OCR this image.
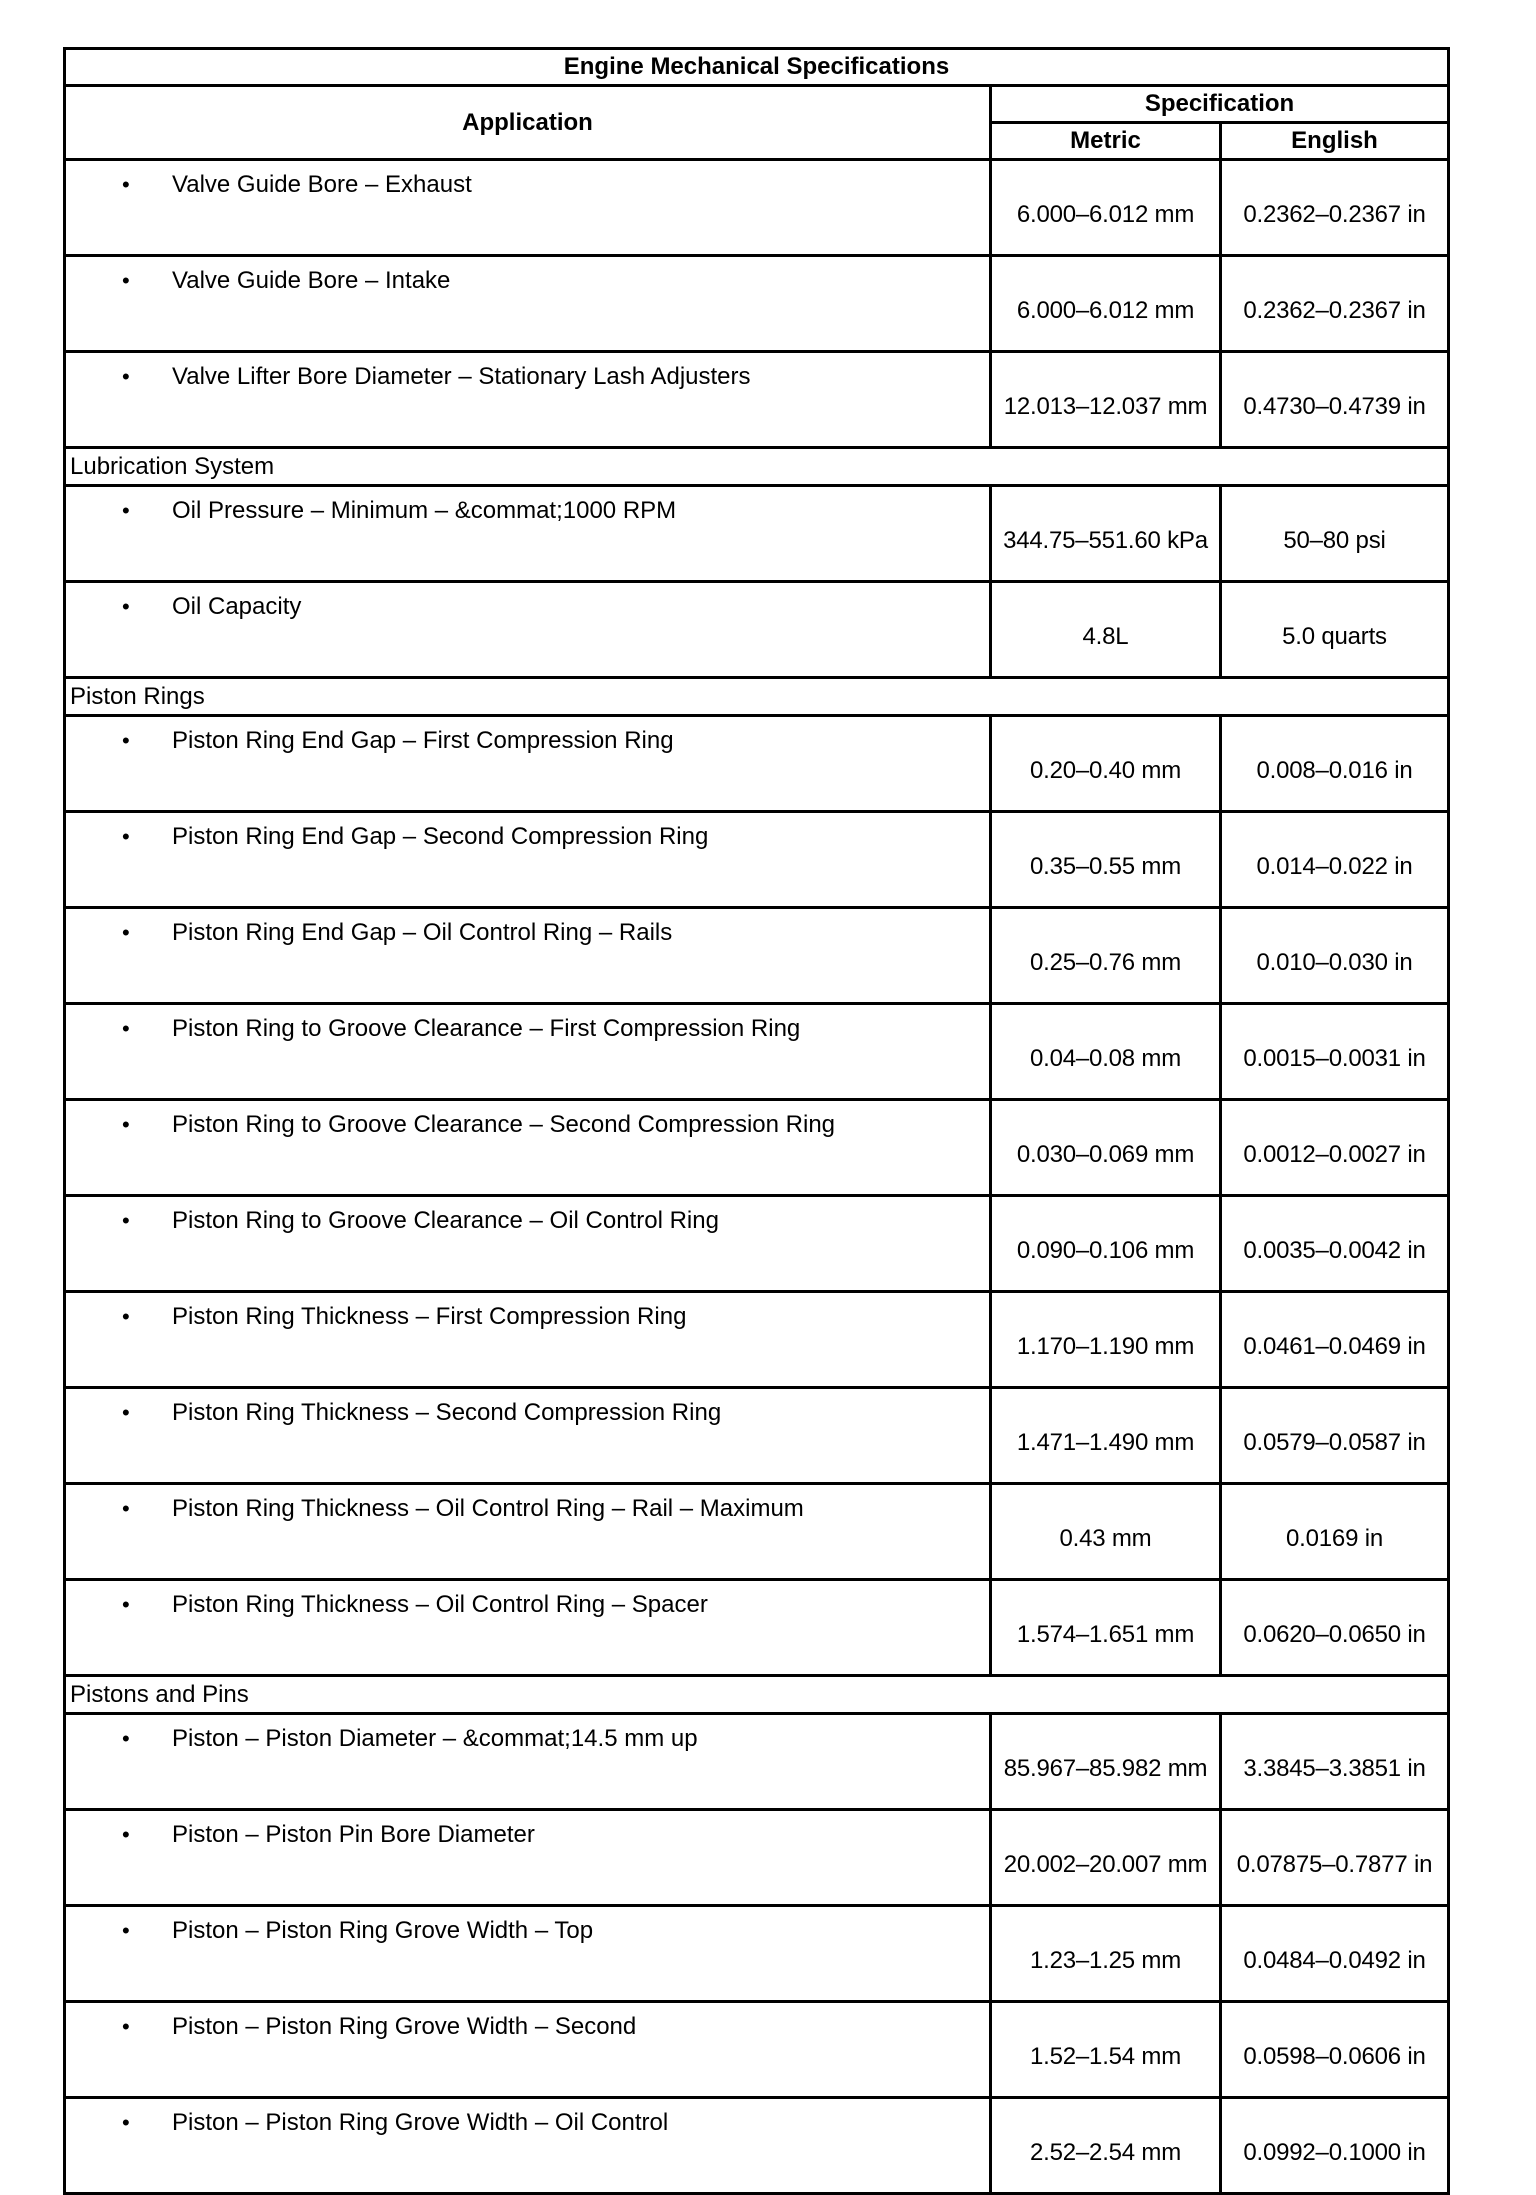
Engine Mechanical Specifications		
Application	Specification	
	Metric	English

• Valve Guide Bore – Exhaust	6.000–6.012 mm	0.2362–0.2367 in

• Valve Guide Bore – Intake	6.000–6.012 mm	0.2362–0.2367 in

• Valve Lifter Bore Diameter – Stationary Lash Adjusters	12.013–12.037 mm	0.4730–0.4739 in
Lubrication System		

• Oil Pressure – Minimum – &commat;1000 RPM	344.75–551.60 kPa	50–80 psi

• Oil Capacity	4.8L	5.0 quarts
Piston Rings		

• Piston Ring End Gap – First Compression Ring	0.20–0.40 mm	0.008–0.016 in

• Piston Ring End Gap – Second Compression Ring	0.35–0.55 mm	0.014–0.022 in

• Piston Ring End Gap – Oil Control Ring – Rails	0.25–0.76 mm	0.010–0.030 in

• Piston Ring to Groove Clearance – First Compression Ring	0.04–0.08 mm	0.0015–0.0031 in

• Piston Ring to Groove Clearance – Second Compression Ring	0.030–0.069 mm	0.0012–0.0027 in

• Piston Ring to Groove Clearance – Oil Control Ring	0.090–0.106 mm	0.0035–0.0042 in

• Piston Ring Thickness – First Compression Ring	1.170–1.190 mm	0.0461–0.0469 in

• Piston Ring Thickness – Second Compression Ring	1.471–1.490 mm	0.0579–0.0587 in

• Piston Ring Thickness – Oil Control Ring – Rail – Maximum	0.43 mm	0.0169 in

• Piston Ring Thickness – Oil Control Ring – Spacer	1.574–1.651 mm	0.0620–0.0650 in
Pistons and Pins		

• Piston – Piston Diameter – &commat;14.5 mm up	85.967–85.982 mm	3.3845–3.3851 in

• Piston – Piston Pin Bore Diameter	20.002–20.007 mm	0.07875–0.7877 in

• Piston – Piston Ring Grove Width – Top	1.23–1.25 mm	0.0484–0.0492 in

• Piston – Piston Ring Grove Width – Second	1.52–1.54 mm	0.0598–0.0606 in

• Piston – Piston Ring Grove Width – Oil Control	2.52–2.54 mm	0.0992–0.1000 in
